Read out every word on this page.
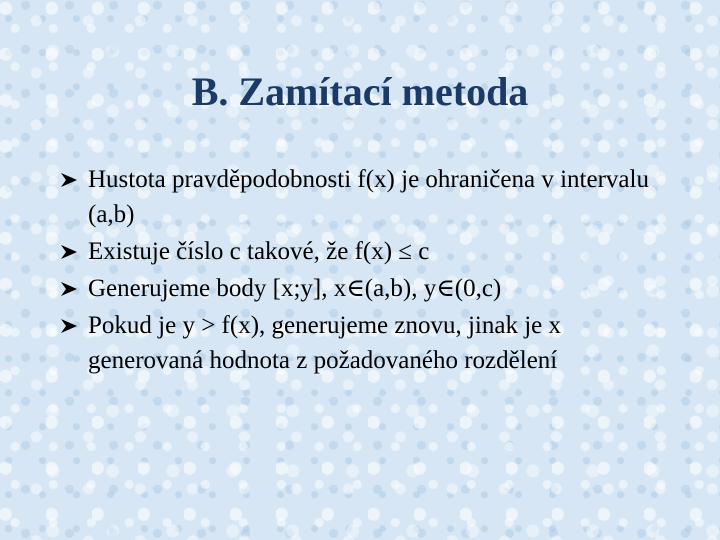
B. Zamítací metoda
Hustota pravděpodobnosti f(x) je ohraničena v intervalu (a,b)
Existuje číslo c takové, že f(x) ≤ c
Generujeme body [x;y], x∈(a,b), y∈(0,c)
Pokud je y > f(x), generujeme znovu, jinak je x generovaná hodnota z požadovaného rozdělení
